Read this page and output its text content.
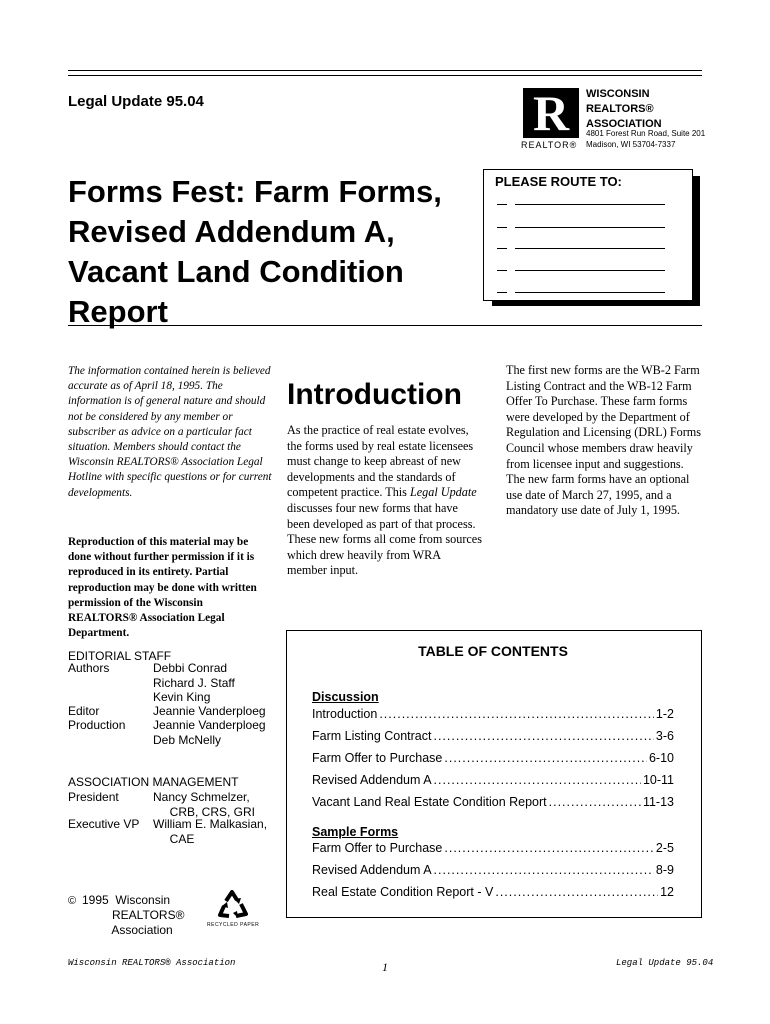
Legal Update 95.04
Forms Fest: Farm Forms,
Revised Addendum A,
Vacant Land Condition Report
R
REALTOR®
WISCONSIN
REALTORS®
ASSOCIATION
4801 Forest Run Road, Suite 201
Madison, WI 53704-7337
PLEASE ROUTE TO:
The information contained herein is believed accurate as of April 18, 1995. The information is of general nature and should not be considered by any member or subscriber as advice on a particular fact situation. Members should contact the Wisconsin REALTORS® Association Legal Hotline with specific questions or for current developments.
Reproduction of this material may be done without further permission if it is reproduced in its entirety. Partial reproduction may be done with written permission of the Wisconsin REALTORS® Association Legal Department.
EDITORIAL STAFF
Authors	Debbi Conrad
Richard J. Staff
Kevin King
Editor	Jeannie Vanderploeg
Production Jeannie Vanderploeg
Deb McNelly
ASSOCIATION MANAGEMENT
President	Nancy Schmelzer,
CRB, CRS, GRI
Executive VP William E. Malkasian,
CAE
© 1995  Wisconsin
REALTORS®
Association	RECYCLED PAPER
Introduction
As the practice of real estate evolves, the forms used by real estate licensees must change to keep abreast of new developments and the standards of competent practice. This Legal Update discusses four new forms that have been developed as part of that process. These new forms all come from sources which drew heavily from WRA member input.
The first new forms are the WB-2 Farm Listing Contract and the WB-12 Farm Offer To Purchase. These farm forms were developed by the Department of Regulation and Licensing (DRL) Forms Council whose members draw heavily from licensee input and suggestions. The new farm forms have an optional use date of March 27, 1995, and a mandatory use date of July 1, 1995.
TABLE OF CONTENTS
Discussion
Introduction .....	1-2
Farm Listing Contract .....	3-6
Farm Offer to Purchase .....	6-10
Revised Addendum A .....	10-11
Vacant Land Real Estate Condition Report .....	11-13
Sample Forms
Farm Offer to Purchase .....	2-5
Revised Addendum A .....	8-9
Real Estate Condition Report - V .....	12
Wisconsin REALTORS® Association	1	Legal Update 95.04
